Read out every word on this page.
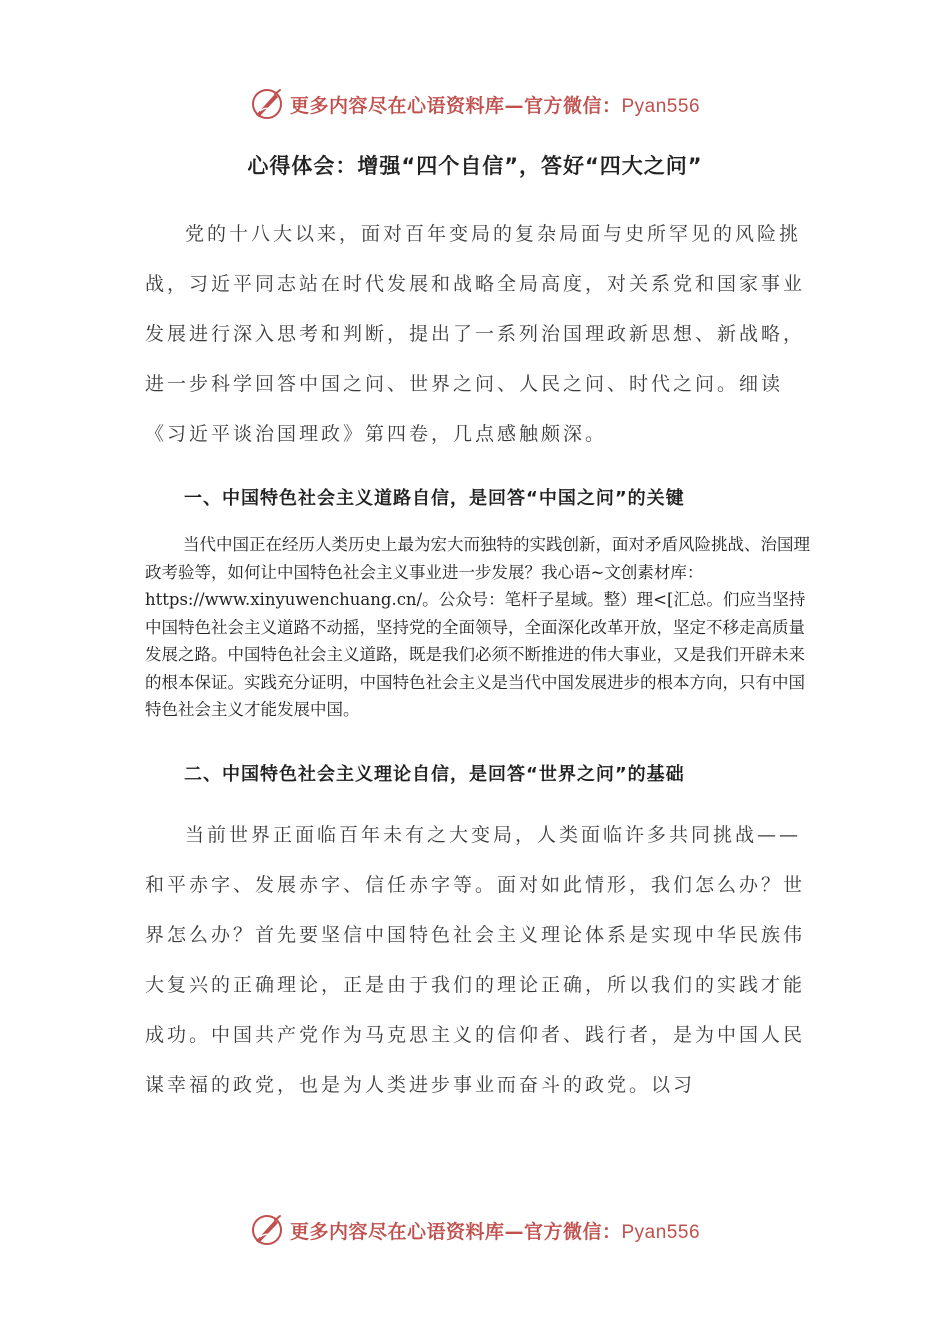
更多内容尽在心语资料库—官方微信：Pyan556
心得体会：增强“四个自信”，答好“四大之问”

党的十八大以来，面对百年变局的复杂局面与史所罕见的风险挑战，习近平同志站在时代发展和战略全局高度，对关系党和国家事业发展进行深入思考和判断，提出了一系列治国理政新思想、新战略，进一步科学回答中国之问、世界之问、人民之问、时代之问。细读《习近平谈治国理政》第四卷，几点感触颇深。

一、中国特色社会主义道路自信，是回答“中国之问”的关键

当代中国正在经历人类历史上最为宏大而独特的实践创新，面对矛盾风险挑战、治国理政考验等，如何让中国特色社会主义事业进一步发展？我心语~文创素材库：https://www.xinyuwenchuang.cn/。公众号：笔杆子星域。整）理<[汇总。们应当坚持中国特色社会主义道路不动摇，坚持党的全面领导，全面深化改革开放，坚定不移走高质量发展之路。中国特色社会主义道路，既是我们必须不断推进的伟大事业，又是我们开辟未来的根本保证。实践充分证明，中国特色社会主义是当代中国发展进步的根本方向，只有中国特色社会主义才能发展中国。

二、中国特色社会主义理论自信，是回答“世界之问”的基础

当前世界正面临百年未有之大变局，人类面临许多共同挑战——和平赤字、发展赤字、信任赤字等。面对如此情形，我们怎么办？世界怎么办？首先要坚信中国特色社会主义理论体系是实现中华民族伟大复兴的正确理论，正是由于我们的理论正确，所以我们的实践才能成功。中国共产党作为马克思主义的信仰者、践行者，是为中国人民谋幸福的政党，也是为人类进步事业而奋斗的政党。以习

更多内容尽在心语资料库—官方微信：Pyan556
